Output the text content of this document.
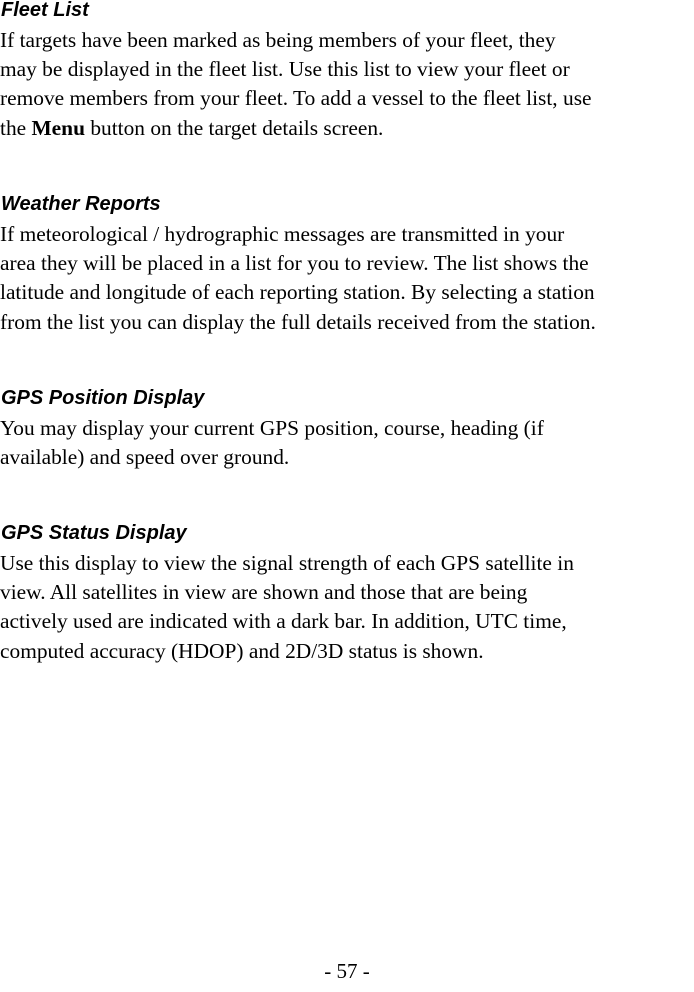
Fleet List

If targets have been marked as being members of your fleet, they
may be displayed in the fleet list. Use this list to view your fleet or
remove members from your fleet. To add a vessel to the fleet list, use
the Menu button on the target details screen.

Weather Reports

If meteorological / hydrographic messages are transmitted in your
area they will be placed in a list for you to review. The list shows the
latitude and longitude of each reporting station. By selecting a station
from the list you can display the full details received from the station.

GPS Position Display

You may display your current GPS position, course, heading (if
available) and speed over ground.

GPS Status Display

Use this display to view the signal strength of each GPS satellite in
view. All satellites in view are shown and those that are being
actively used are indicated with a dark bar. In addition, UTC time,
computed accuracy (HDOP) and 2D/3D status is shown.

- 57 -
